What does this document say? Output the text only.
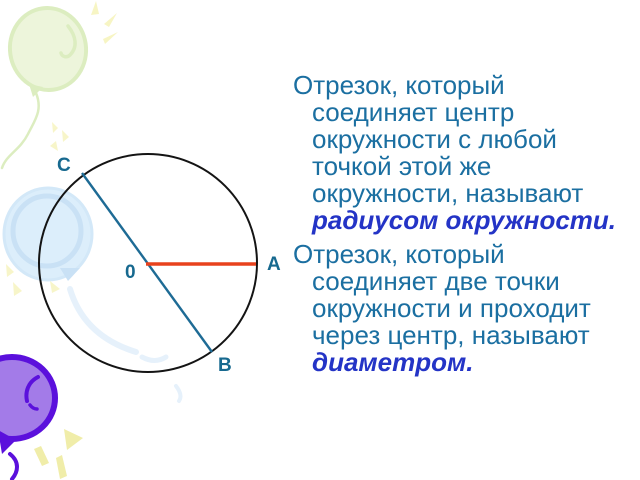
C
0	A
B
Отрезок, который
соединяет центр
окружности с любой
точкой этой же
окружности, называют
радиусом окружности.
Отрезок, который
соединяет две точки
окружности и проходит
через центр, называют
диаметром.
